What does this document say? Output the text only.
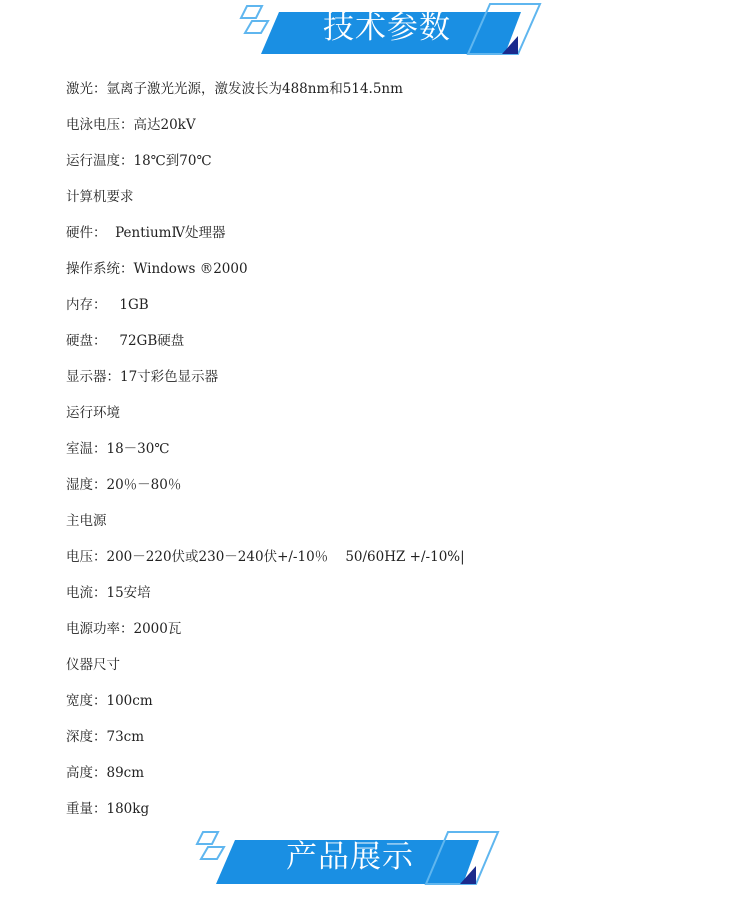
技术参数
激光：氩离子激光光源，激发波长为488nm和514.5nm
电泳电压：高达20kV
运行温度：18℃到70℃
计算机要求
硬件：  PentiumⅣ处理器
操作系统：Windows ®2000
内存：   1GB
硬盘：   72GB硬盘
显示器：17寸彩色显示器
运行环境
室温：18－30℃
湿度：20％－80％
主电源
电压：200－220伏或230－240伏+/-10％    50/60HZ +/-10%|
电流：15安培
电源功率：2000瓦
仪器尺寸
宽度：100cm
深度：73cm
高度：89cm
重量：180kg
产品展示
